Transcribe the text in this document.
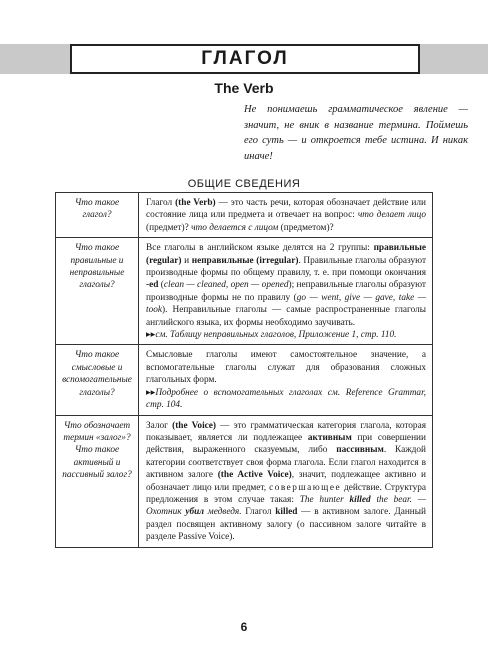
ГЛАГОЛ
The Verb
Не понимаешь грамматическое явление — значит, не вник в название термина. Поймешь его суть — и откроется тебе истина. И никак иначе!
ОБЩИЕ СВЕДЕНИЯ
Что такое глагол?	Глагол (the Verb) — это часть речи, которая обозначает действие или состояние лица или предмета и отвечает на вопрос: что делает лицо (предмет)? что делается с лицом (предметом)?
Что такое правильные и неправильные глаголы?	Все глаголы в английском языке делятся на 2 группы: правильные (regular) и неправильные (irregular). Правильные глаголы образуют производные формы по общему правилу, т. е. при помощи окончания -ed (clean — cleaned, open — opened); неправильные глаголы образуют производные формы не по правилу (go — went, give — gave, take — took). Неправильные глаголы — самые распространенные глаголы английского языка, их формы необходимо заучивать.
▸▸ см. Таблицу неправильных глаголов, Приложение 1, стр. 110.
Что такое смысловые и вспомогательные глаголы?	Смысловые глаголы имеют самостоятельное значение, а вспомогательные глаголы служат для образования сложных глагольных форм.
▸▸ Подробнее о вспомогательных глаголах см. Reference Grammar, стр. 104.
Что обозначает термин «залог»? Что такое активный и пассивный залог?	Залог (the Voice) — это грамматическая категория глагола, которая показывает, является ли подлежащее активным при совершении действия, выраженного сказуемым, либо пассивным. Каждой категории соответствует своя форма глагола. Если глагол находится в активном залоге (the Active Voice), значит, подлежащее активно и обозначает лицо или предмет, совершающее действие. Структура предложения в этом случае такая: The hunter killed the bear. — Охотник убил медведя. Глагол killed — в активном залоге. Данный раздел посвящен активному залогу (о пассивном залоге читайте в разделе Passive Voice).
6
